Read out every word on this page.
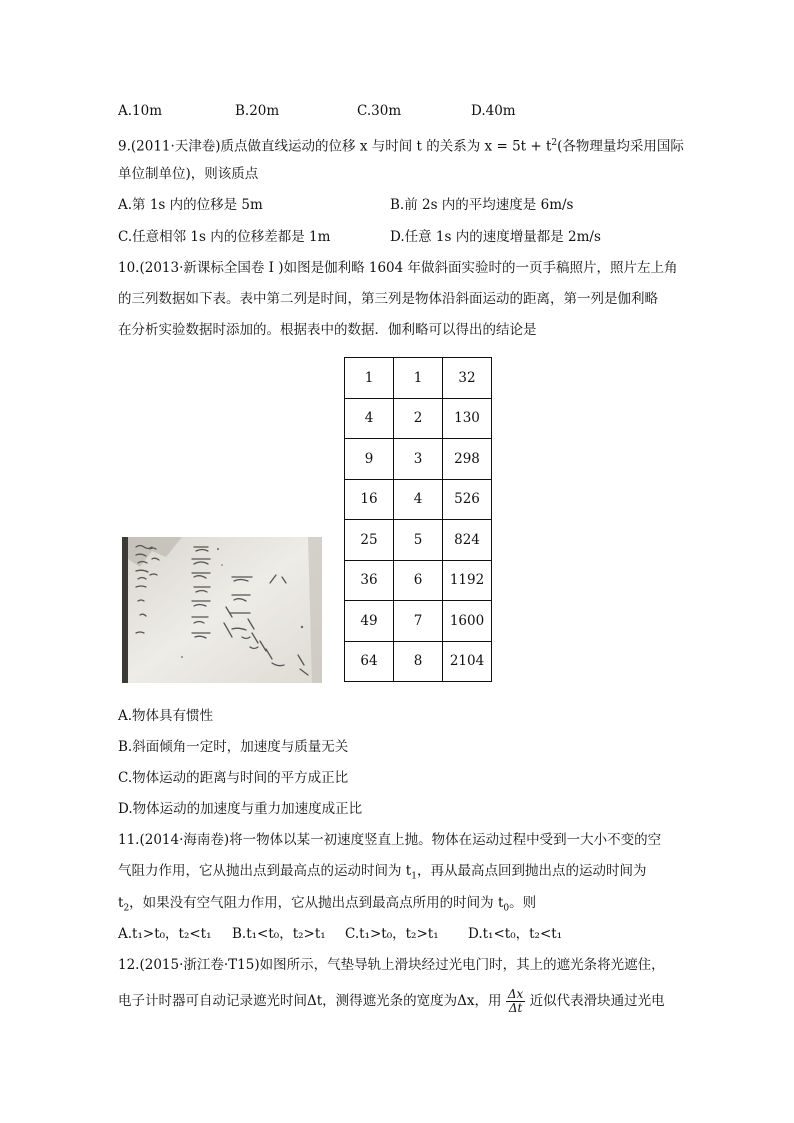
A.10m	B.20m	C.30m	D.40m
9.(2011·天津卷)质点做直线运动的位移 x 与时间 t 的关系为 $x = 5t + t^2$(各物理量均采用国际
单位制单位)，则该质点
A.第 1s 内的位移是 5m	B.前 2s 内的平均速度是 6m/s
C.任意相邻 1s 内的位移差都是 1m	D.任意 1s 内的速度增量都是 2m/s
10.(2013·新课标全国卷 I )如图是伽利略 1604 年做斜面实验时的一页手稿照片，照片左上角
的三列数据如下表。表中第二列是时间，第三列是物体沿斜面运动的距离，第一列是伽利略
在分析实验数据时添加的。根据表中的数据．伽利略可以得出的结论是
1	1	32
4	2	130
9	3	298
16	4	526
25	5	824
36	6	1192
49	7	1600
64	8	2104
A.物体具有惯性
B.斜面倾角一定时，加速度与质量无关
C.物体运动的距离与时间的平方成正比
D.物体运动的加速度与重力加速度成正比
11.(2014·海南卷)将一物体以某一初速度竖直上抛。物体在运动过程中受到一大小不变的空
气阻力作用，它从抛出点到最高点的运动时间为 $t_1$，再从最高点回到抛出点的运动时间为
$t_2$，如果没有空气阻力作用，它从抛出点到最高点所用的时间为 $t_0$。则
A.t₁>t₀，t₂<t₁ B.t₁<t₀，t₂>t₁ C.t₁>t₀，t₂>t₁ D.t₁<t₀，t₂<t₁
12.(2015·浙江卷·T15)如图所示，气垫导轨上滑块经过光电门时，其上的遮光条将光遮住，
电子计时器可自动记录遮光时间Δt，测得遮光条的宽度为Δx，用 $\frac{\Delta x}{\Delta t}$ 近似代表滑块通过光电
